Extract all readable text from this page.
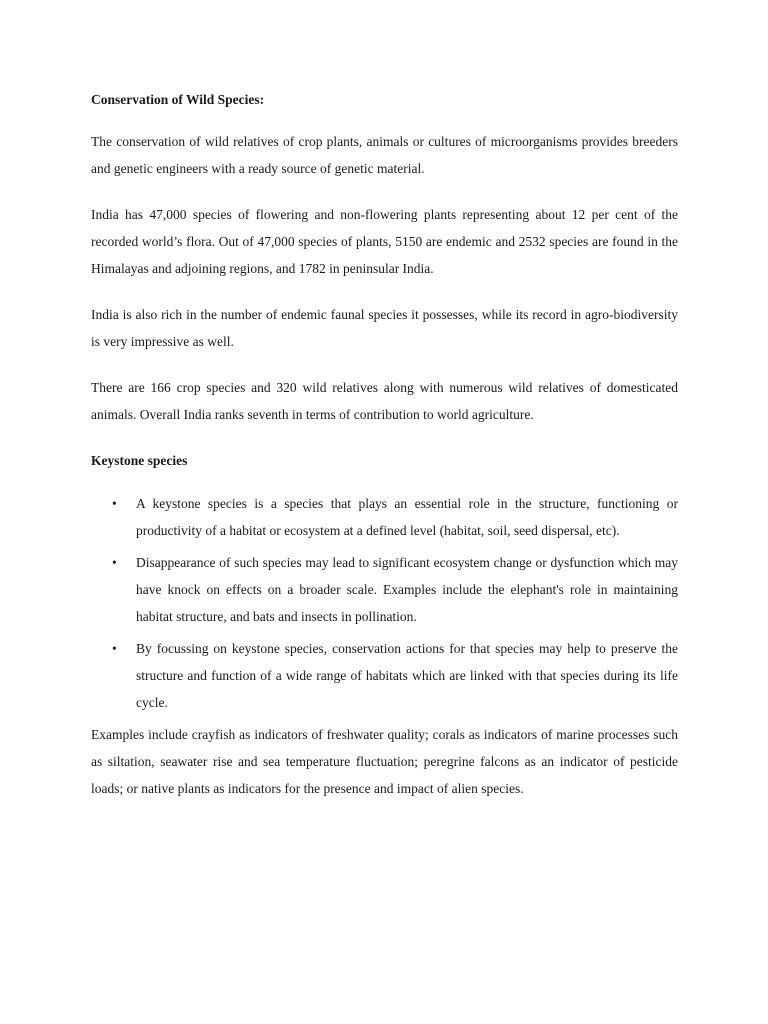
Conservation of Wild Species:

The conservation of wild relatives of crop plants, animals or cultures of microorganisms provides breeders and genetic engineers with a ready source of genetic material.

India has 47,000 species of flowering and non-flowering plants representing about 12 per cent of the recorded world’s flora. Out of 47,000 species of plants, 5150 are endemic and 2532 species are found in the Himalayas and adjoining regions, and 1782 in peninsular India.

India is also rich in the number of endemic faunal species it possesses, while its record in agro-biodiversity is very impressive as well.

There are 166 crop species and 320 wild relatives along with numerous wild relatives of domesticated animals. Overall India ranks seventh in terms of contribution to world agriculture.

Keystone species

• A keystone species is a species that plays an essential role in the structure, functioning or productivity of a habitat or ecosystem at a defined level (habitat, soil, seed dispersal, etc).
• Disappearance of such species may lead to significant ecosystem change or dysfunction which may have knock on effects on a broader scale. Examples include the elephant's role in maintaining habitat structure, and bats and insects in pollination.
• By focussing on keystone species, conservation actions for that species may help to preserve the structure and function of a wide range of habitats which are linked with that species during its life cycle.

Examples include crayfish as indicators of freshwater quality; corals as indicators of marine processes such as siltation, seawater rise and sea temperature fluctuation; peregrine falcons as an indicator of pesticide loads; or native plants as indicators for the presence and impact of alien species.
